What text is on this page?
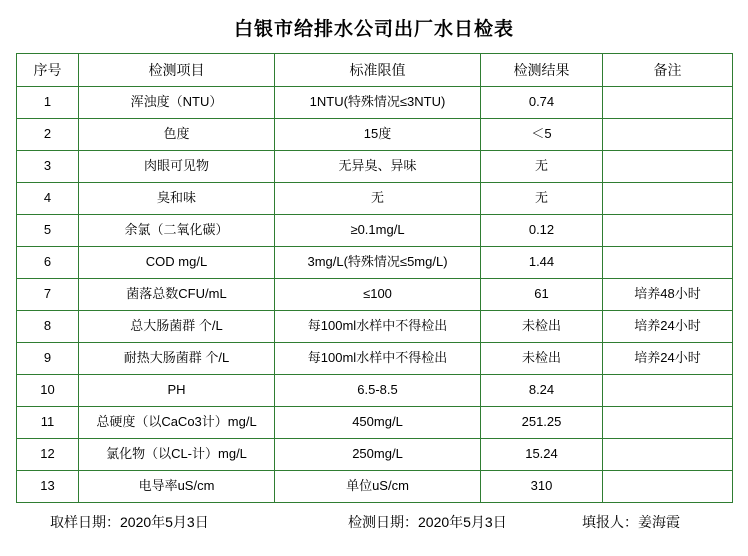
白银市给排水公司出厂水日检表
序号	检测项目	标准限值	检测结果	备注
1	浑浊度（NTU）	1NTU(特殊情况≤3NTU)	0.74	
2	色度	15度	＜5	
3	肉眼可见物	无异臭、异味	无	
4	臭和味	无	无	
5	余氯（二氧化碳）	≥0.1mg/L	0.12	
6	COD mg/L	3mg/L(特殊情况≤5mg/L)	1.44	
7	菌落总数CFU/mL	≤100	61	培养48小时
8	总大肠菌群 个/L	每100ml水样中不得检出	未检出	培养24小时
9	耐热大肠菌群 个/L	每100ml水样中不得检出	未检出	培养24小时
10	PH	6.5-8.5	8.24	
11	总硬度（以CaCo3计）mg/L	450mg/L	251.25	
12	氯化物（以CL-计）mg/L	250mg/L	15.24	
13	电导率uS/cm	单位uS/cm	310	
取样日期：2020年5月3日	检测日期：2020年5月3日	填报人：姜海霞
